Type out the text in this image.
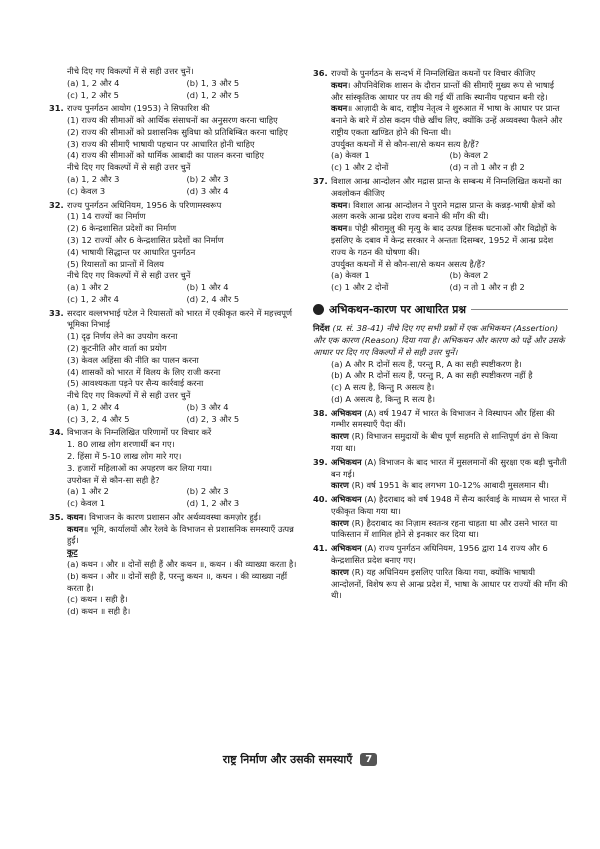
नीचे दिए गए विकल्पों में से सही उत्तर चुनें।
(a) 1, 2 और 4	(b) 1, 3 और 5
(c) 1, 2 और 5	(d) 1, 2 और 5
31. राज्य पुनर्गठन आयोग (1953) ने सिफारिश की
(1) राज्य की सीमाओं को आर्थिक संसाधनों का अनुसरण करना चाहिए
(2) राज्य की सीमाओं को प्रशासनिक सुविधा को प्रतिबिम्बित करना चाहिए
(3) राज्य की सीमाएँ भाषायी पहचान पर आधारित होनी चाहिए
(4) राज्य की सीमाओं को धार्मिक आबादी का पालन करना चाहिए
नीचे दिए गए विकल्पों में से सही उत्तर चुनें
(a) 1, 2 और 3	(b) 2 और 3
(c) केवल 3	(d) 3 और 4
32. राज्य पुनर्गठन अधिनियम, 1956 के परिणामस्वरूप
(1) 14 राज्यों का निर्माण
(2) 6 केन्द्रशासित प्रदेशों का निर्माण
(3) 12 राज्यों और 6 केन्द्रशासित प्रदेशों का निर्माण
(4) भाषायी सिद्धान्त पर आधारित पुनर्गठन
(5) रियासतों का प्रान्तों में विलय
नीचे दिए गए विकल्पों में से सही उत्तर चुनें
(a) 1 और 2	(b) 1 और 4
(c) 1, 2 और 4	(d) 2, 4 और 5
33. सरदार वल्लभभाई पटेल ने रियासतों को भारत में एकीकृत करने में महत्त्वपूर्ण भूमिका निभाई
(1) दृढ़ निर्णय लेने का उपयोग करना
(2) कूटनीति और वार्ता का प्रयोग
(3) केवल अहिंसा की नीति का पालन करना
(4) शासकों को भारत में विलय के लिए राजी करना
(5) आवश्यकता पड़ने पर सैन्य कार्रवाई करना
नीचे दिए गए विकल्पों में से सही उत्तर चुनें
(a) 1, 2 और 4	(b) 3 और 4
(c) 3, 2, 4 और 5	(d) 2, 3 और 5
34. विभाजन के निम्नलिखित परिणामों पर विचार करें
1. 80 लाख लोग शरणार्थी बन गए।
2. हिंसा में 5-10 लाख लोग मारे गए।
3. हजारों महिलाओं का अपहरण कर लिया गया।
उपरोक्त में से कौन-सा सही है?
(a) 1 और 2	(b) 2 और 3
(c) केवल 1	(d) 1, 2 और 3
35. कथन। विभाजन के कारण प्रशासन और अर्थव्यवस्था कमज़ोर हुई।
कथन॥ भूमि, कार्यालयों और रेलवे के विभाजन से प्रशासनिक समस्याएँ उत्पन्न हुईं।
कूट
(a) कथन । और ॥ दोनों सही हैं और कथन ॥, कथन । की व्याख्या करता है।
(b) कथन । और ॥ दोनों सही हैं, परन्तु कथन ॥, कथन । की व्याख्या नहीं करता है।
(c) कथन । सही है।
(d) कथन ॥ सही है।
36. राज्यों के पुनर्गठन के सन्दर्भ में निम्नलिखित कथनों पर विचार कीजिए
कथन। औपनिवेशिक शासन के दौरान प्रान्तों की सीमाएँ मुख्य रूप से भाषाई और सांस्कृतिक आधार पर तय की गई थीं ताकि स्थानीय पहचान बनी रहे।
कथन॥ आज़ादी के बाद, राष्ट्रीय नेतृत्व ने शुरुआत में भाषा के आधार पर प्रान्त बनाने के बारे में ठोस कदम पीछे खींच लिए, क्योंकि उन्हें अव्यवस्था फैलने और राष्ट्रीय एकता खण्डित होने की चिन्ता थी।
उपर्युक्त कथनों में से कौन-सा/से कथन सत्य है/हैं?
(a) केवल 1	(b) केवल 2
(c) 1 और 2 दोनों	(d) न तो 1 और न ही 2
37. विशाल आन्ध्र आन्दोलन और मद्रास प्रान्त के सम्बन्ध में निम्नलिखित कथनों का अवलोकन कीजिए
कथन। विशाल आन्ध्र आन्दोलन ने पुराने मद्रास प्रान्त के कन्नड़-भाषी क्षेत्रों को अलग करके आन्ध्र प्रदेश राज्य बनाने की माँग की थी।
कथन॥ पोट्टी श्रीरामुलु की मृत्यु के बाद उत्पन्न हिंसक घटनाओं और विद्रोहों के इसलिए के दबाव में केन्द्र सरकार ने अन्ततः दिसम्बर, 1952 में आन्ध्र प्रदेश राज्य के गठन की घोषणा की।
उपर्युक्त कथनों में से कौन-सा/से कथन असत्य है/हैं?
(a) केवल 1	(b) केवल 2
(c) 1 और 2 दोनों	(d) न तो 1 और न ही 2
अभिकथन-कारण पर आधारित प्रश्न
निर्देश (प्र. सं. 38-41) नीचे दिए गए सभी प्रश्नों में एक अभिकथन (Assertion) और एक कारण (Reason) दिया गया है। अभिकथन और कारण को पढ़ें और उसके आधार पर दिए गए विकल्पों में से सही उत्तर चुनें।
(a) A और R दोनों सत्य हैं, परन्तु R, A का सही स्पष्टीकरण है।
(b) A और R दोनों सत्य हैं, परन्तु R, A का सही स्पष्टीकरण नहीं है
(c) A सत्य है, किन्तु R असत्य है।
(d) A असत्य है, किन्तु R सत्य है।
38. अभिकथन (A) वर्ष 1947 में भारत के विभाजन ने विस्थापन और हिंसा की गम्भीर समस्याएँ पैदा कीं।
कारण (R) विभाजन समुदायों के बीच पूर्ण सहमति से शान्तिपूर्ण ढंग से किया गया था।
39. अभिकथन (A) विभाजन के बाद भारत में मुसलमानों की सुरक्षा एक बड़ी चुनौती बन गई।
कारण (R) वर्ष 1951 के बाद लगभग 10-12% आबादी मुसलमान थी।
40. अभिकथन (A) हैदराबाद को वर्ष 1948 में सैन्य कार्रवाई के माध्यम से भारत में एकीकृत किया गया था।
कारण (R) हैदराबाद का निज़ाम स्वतन्त्र रहना चाहता था और उसने भारत या पाकिस्तान में शामिल होने से इनकार कर दिया था।
41. अभिकथन (A) राज्य पुनर्गठन अधिनियम, 1956 द्वारा 14 राज्य और 6 केन्द्रशासित प्रदेश बनाए गए।
कारण (R) यह अधिनियम इसलिए पारित किया गया, क्योंकि भाषायी आन्दोलनों, विशेष रूप से आन्ध्र प्रदेश में, भाषा के आधार पर राज्यों की माँग की थी।
राष्ट्र निर्माण और उसकी समस्याएँ	7
